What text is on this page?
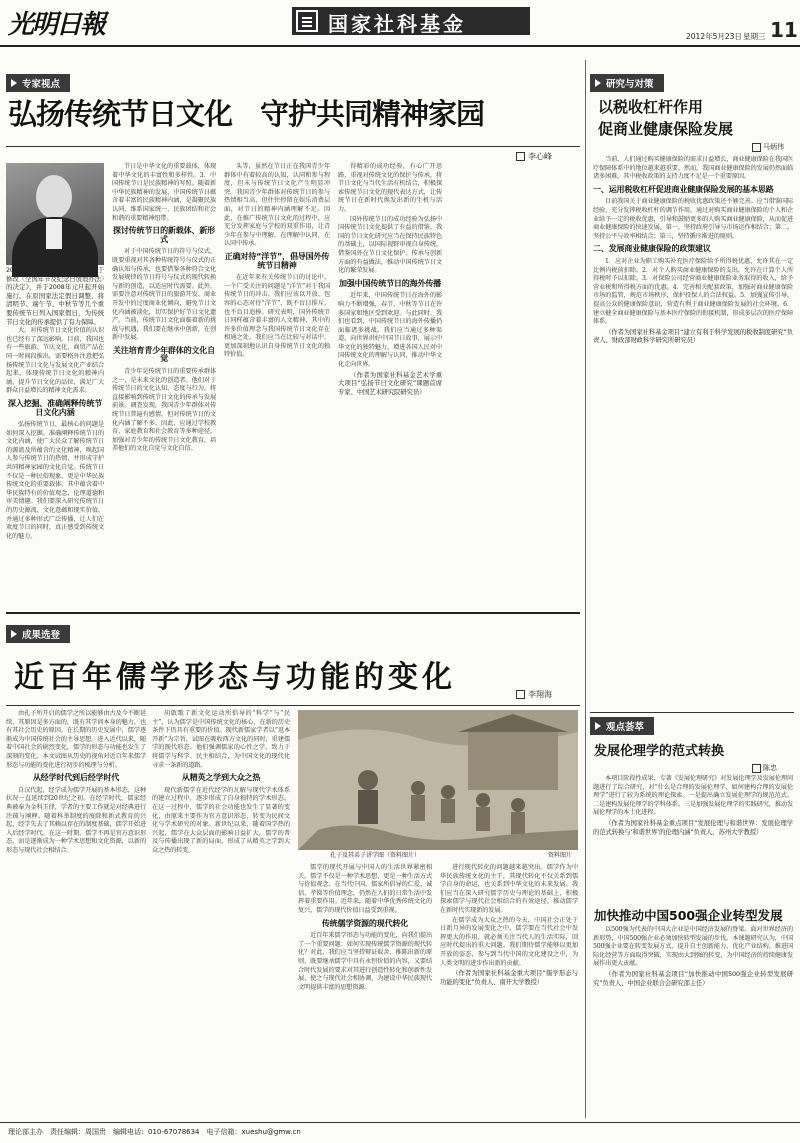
光明日報	国家社科基金
2012年5月23日 星期三 11
专家视点
弘扬传统节日文化　守护共同精神家园
李心峰

2007年12月，国务院公布《关于修改〈全国年节及纪念日放假办法〉的决定》，并于2008年元旦起开始施行。在原国家法定假日调整、将清明节、端午节、中秋节等几个重要传统节日列入国家假日，为传统节日文化的传承提供了有力保障。

大，对传统节日文化价值的认识也已经有了深远影响。目前，我国也有一些旅游、节庆文化、商贸产品在同一时间段推出，需要格外注意把弘扬传统节日文化与发展文化产业结合起来，体现传统节日文化的精神内涵，提升节日文化的品位，满足广大群众日益增长的精神文化需求。

深入挖掘、准确阐释传统节日文化内涵

弘扬传统节日，最核心的问题是如何深入挖掘、准确阐释传统节日的文化内涵，使广大民众了解传统节日的源流及所蕴含的文化精神，唤起国人参与传统节日的热情，并形成守护共同精神家园的文化自觉。传统节日不仅是一种民俗现象，更是中华民族传统文化的重要载体，其中蕴含着中华民族特有的价值观念、伦理道德和审美情趣。我们要深入研究传统节日的历史源流、文化意蕴和现实价值，并通过多种形式广泛传播，让人们在欢度节日的同时，真正感受到传统文化的魅力。

节日是中华文化的重要载体，体现着中华文化的丰富性和多样性。3．中国传统节日是民族精神的写照。随着新中华民族精神的发展，中国传统节日蕴含着丰富的民族精神内涵，是凝聚民族认同、维系国家统一、民族团结和社会和谐的重要精神纽带。

探讨传统节日的新载体、新形式

对于中国传统节日的符号与仪式，既要重视对其各种传统符号与仪式的正确认知与传承，也要借鉴各种符合文化发展规律的节日符号与仪式的现代转换与新的创造，以适应时代需要。此外，需要注意对传统节日的旅游开发、商业开发中的过度商业化倾向，避免节日文化内涵被淡化，切实保护好节日文化遗产。当前，传统节日文化面临着新的挑战与机遇，我们要在继承中创新，在创新中发展。

关注培育青少年群体的文化自觉

青少年是传统节日的重要传承群体之一，是未来文化的创造者。他们对于传统节日的文化认知、态度与行为，将直接影响到传统节日文化的传承与发展前景。调查发现，我国青少年群体对传统节日普遍有感情，但对传统节日的文化内涵了解不多。因此，应通过学校教育、家庭教育和社会教育等多种途径，加强对青少年的传统节日文化教育，培养他们的文化自觉与文化自信。

头等，虽然在节日正在我国青少年群体中有着较高的认知，认同和参与程度，但未与传统节日文化产生明显冲突。我国青少年群体对传统节日的参与热情相当高，但往往停留在娱乐消费层面，对节日的精神内涵理解不足。因此，在推广传统节日文化的过程中，应充分发挥家庭与学校的双重作用，让青少年在参与中理解，在理解中认同，在认同中传承。

正确对待“洋节”，倡导国外传统节日精神

在近年来有关传统节日的讨论中，一个广受关注的问题是“洋节”对于我国传统节日的冲击。我们应该以开放、包容的心态对待“洋节”，既不盲目排斥，也不盲目追捧。研究表明，国外传统节日同样蕴含着丰富的人文精神，其中的许多价值理念与我国传统节日文化存在相通之处。我们应当在比较与对话中，更加深刻地认识自身传统节日文化的独特价值。

得精彩的成功经验，有心广开思路，重视对传统文化的保护与传承，将节日文化与当代生活有机结合，积极探索传统节日文化的现代表达方式，让传统节日在新时代焕发出新的生机与活力。

国外传统节日的成功经验为弘扬中国传统节日文化提供了有益的借鉴。我国的节日文化研究应当在保持民族特色的基础上，以国际视野审视自身传统，借鉴国外在节日文化保护、传承与创新方面的有益做法，推动中国传统节日文化的繁荣发展。

加强中国传统节日的海外传播

近年来，中国传统节日在海外的影响力不断增强，春节、中秋等节日在许多国家和地区受到欢迎。与此同时，我们也看到，中国传统节日的海外传播仍面临诸多挑战。我们应当通过多种渠道，向世界讲好中国节日故事，展示中华文化的独特魅力，增进各国人民对中国传统文化的理解与认同，推动中华文化走向世界。

（作者为国家社科基金艺术学重大项目“弘扬节日文化研究”课题首席专家、中国艺术研究院研究员）

成果选登
近百年儒学形态与功能的变化	李翔海

由孔子所开启的儒学之所以能够由古及今不断延续，其原因是多方面的，既有其学问本身的魅力，也有其社会历史的原因。在长期的历史发展中，儒学逐渐成为中国传统社会的主导思想。进入近代以来，随着中国社会的剧烈变化，儒学的形态与功能也发生了深刻的变化。本文试图从历史的视角对近百年来儒学形态与功能的变化进行初步的梳理与分析。

从经学时代到后经学时代

自汉代起，经学成为儒学开展的基本形态，这种状况一直延续到20世纪之初。在经学时代，儒家经典被奉为金科玉律，学者的主要工作就是对经典进行注疏与阐释。随着科举制度的废除和新式教育的兴起，经学失去了其赖以存在的制度基础，儒学开始进入后经学时代。在这一时期，儒学不再是官方意识形态，而是逐渐成为一种学术思想和文化资源，以新的形态与现代社会相结合。

胡啟歌了新文化运动所倡导的“科学”与“民主”，认为儒学是中国传统文化的核心，在新的历史条件下仍具有重要的价值。现代新儒家学者以“返本开新”为宗旨，试图在吸收西方文化的同时，重建儒学的现代形态。他们强调儒家的心性之学，致力于将儒学与科学、民主相结合，为中国文化的现代化寻求一条新的道路。

从精英之学到大众之热

现代新儒学在近代经学的瓦解与现代学术体系的建立过程中，逐步形成了自身独特的学术形态。在这一过程中，儒学的社会功能也发生了显著的变化，由原来主要作为官方意识形态，转变为民间文化与学术研究的对象。新世纪以来，随着国学热的兴起，儒学在大众层面的影响日益扩大，儒学的普及与传播出现了新的局面，形成了从精英之学到大众之热的转变。

孔子及其弟子讲学图（资料图片）	资料图片

儒学的现代开展与中国人的生活世界紧密相关。儒学不仅是一种学术思想，更是一种生活方式与价值观念。在当代中国，儒家所倡导的仁爱、诚信、孝悌等价值理念，仍然在人们的日常生活中发挥着重要作用。近年来，随着中华优秀传统文化的复兴，儒学的现代价值日益受到重视。

传统儒学资源的现代转化

近百年来儒学形态与功能的变化，向我们提出了一个重要问题：如何实现传统儒学资源的现代转化？对此，我们应当坚持辩证取舍、推陈出新的原则，既要继承儒学中具有永恒价值的内容，又要结合时代发展的要求对其进行创造性转化和创新性发展，使之与现代社会相协调，为建设中华民族现代文明提供丰富的思想资源。

进行现代转化的问题越来越突出。儒学作为中华民族传统文化的主干，其现代转化不仅关系到儒学自身的命运，也关系到中华文化的未来发展。我们应当在深入研究儒学历史与理论的基础上，积极探索儒学与现代社会相结合的有效途径，推动儒学在新时代实现新的发展。

在儒学成为大众之热的今天，中国社会正处于日新月异的发展变化之中。儒学要在当代社会中发挥更大的作用，就必须关注当代人的生活实际，回应时代提出的重大问题。我们期待儒学能够以更加开放的姿态，参与到当代中国的文化建设之中，为人类文明的进步作出新的贡献。

（作者为国家社科基金重大项目“儒学形态与功能的变化”负责人、南开大学教授）

研究与对策
以税收杠杆作用
促商业健康保险发展
马炳伟

当前，人们通过购买健康保险的需求日益增长，商业健康保险在我国医疗保障体系中的地位越来越重要。然而，我国商业健康保险的发展仍然面临诸多困难，其中税收政策的支持力度不足是一个重要原因。

一、运用税收杠杆促进商业健康保险发展的基本思路

目前我国关于商业健康保险的税收优惠政策还不够完善。应当借鉴国际经验，充分发挥税收杠杆的调节作用，通过对购买商业健康保险的个人和企业给予一定的税收优惠，引导和鼓励更多的人购买商业健康保险，从而促进商业健康保险的快速发展。第一，坚持政府引导与市场运作相结合；第二，坚持公平与效率相结合；第三，坚持循序渐进的原则。

二、发展商业健康保险的政策建议

1．应对企业为职工购买补充医疗保险给予所得税优惠，允许其在一定比例内税前扣除。2．对个人购买商业健康保险的支出，允许在计算个人所得税时予以扣除。3．对保险公司经营商业健康保险业务取得的收入，给予营业税和所得税方面的优惠。4．完善相关配套政策，加强对商业健康保险市场的监管，规范市场秩序，保护投保人的合法权益。5．加强宣传引导，提高公众的健康保险意识，营造有利于商业健康保险发展的社会环境。6．建立健全商业健康保险与基本医疗保险的衔接机制，形成多层次的医疗保障体系。

（作者为国家社科基金项目“建立有利于科学发展的税收制度研究”负责人、财政部财政科学研究所研究员）

观点荟萃
发展伦理学的范式转换
陈忠

本项目阶段性成果、专著《发展伦理研究》对发展伦理学及发展伦理问题进行了综合研究，对“什么是合理的发展伦理学、如何建构合理的发展伦理学”进行了较为系统的理论探索。一是提出确立发展伦理学的规范范式。二是建构发展伦理学的学科体系。三是加强发展伦理学的实践研究，推动发展伦理学的本土化进程。

（作者为国家社科基金重点项目“发展伦理与和谐世界：发展伦理学的范式转换与‘和谐世界’的伦理内涵”负责人、苏州大学教授）

加快推动中国500强企业转型发展

以500强为代表的中国大企业是中国经济发展的脊梁。面对世界经济的新形势，中国500强企业必须加快转型发展的步伐。本课题研究认为，中国500强企业要在转变发展方式、提升自主创新能力、优化产业结构、推进国际化经营等方面取得突破，实现由大到强的转变，为中国经济的持续健康发展作出更大贡献。

（作者为国家社科基金项目“加快推动中国500强企业转型发展研究”负责人、中国企业联合会研究部主任）

理论部主办　责任编辑：周国贵　编辑电话：010-67078634　电子信箱：xueshu@gmw.cn
